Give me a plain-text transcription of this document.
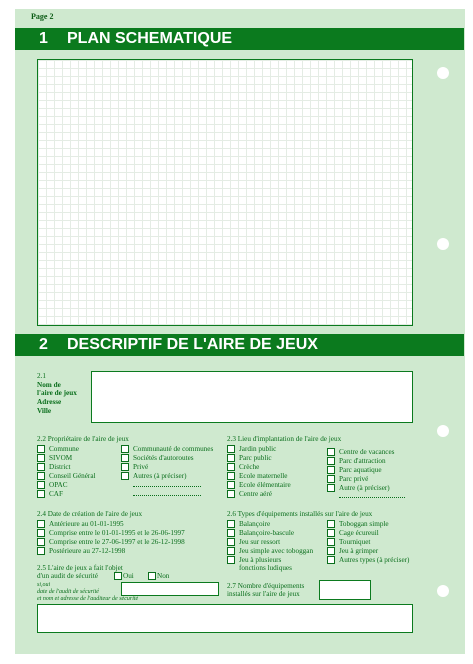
Page 2
1 PLAN SCHEMATIQUE
2 DESCRIPTIF DE L'AIRE DE JEUX
2.1
Nom de
l'aire de jeux
Adresse
Ville
2.2 Propriétaire de l'aire de jeux
Commune
SIVOM
District
Conseil Général
OPAC
CAF
Communauté de communes
Sociétés d'autoroutes
Privé
Autres (à préciser)
2.3 Lieu d'implantation de l'aire de jeux
Jardin public
Parc public
Crèche
Ecole maternelle
Ecole élémentaire
Centre aéré
Centre de vacances
Parc d'attraction
Parc aquatique
Parc privé
Autre (à préciser)
2.4 Date de création de l'aire de jeux
Antérieure au 01-01-1995
Comprise entre le 01-01-1995 et le 26-06-1997
Comprise entre le 27-06-1997 et le 26-12-1998
Postérieure au 27-12-1998
2.5 L'aire de jeux a fait l'objet
d'un audit de sécurité	Oui	Non
si,oui
date de l'audit de sécurité
et nom et adresse de l'auditeur de sécurité
2.6 Types d'équipements installés sur l'aire de jeux
Balançoire
Balançoire-bascule
Jeu sur ressort
Jeu simple avec toboggan
Jeu à plusieurs
fonctions ludiques
Toboggan simple
Cage écureuil
Tourniquet
Jeu à grimper
Autres types (à préciser)
2.7 Nombre d'équipements
installés sur l'aire de jeux
